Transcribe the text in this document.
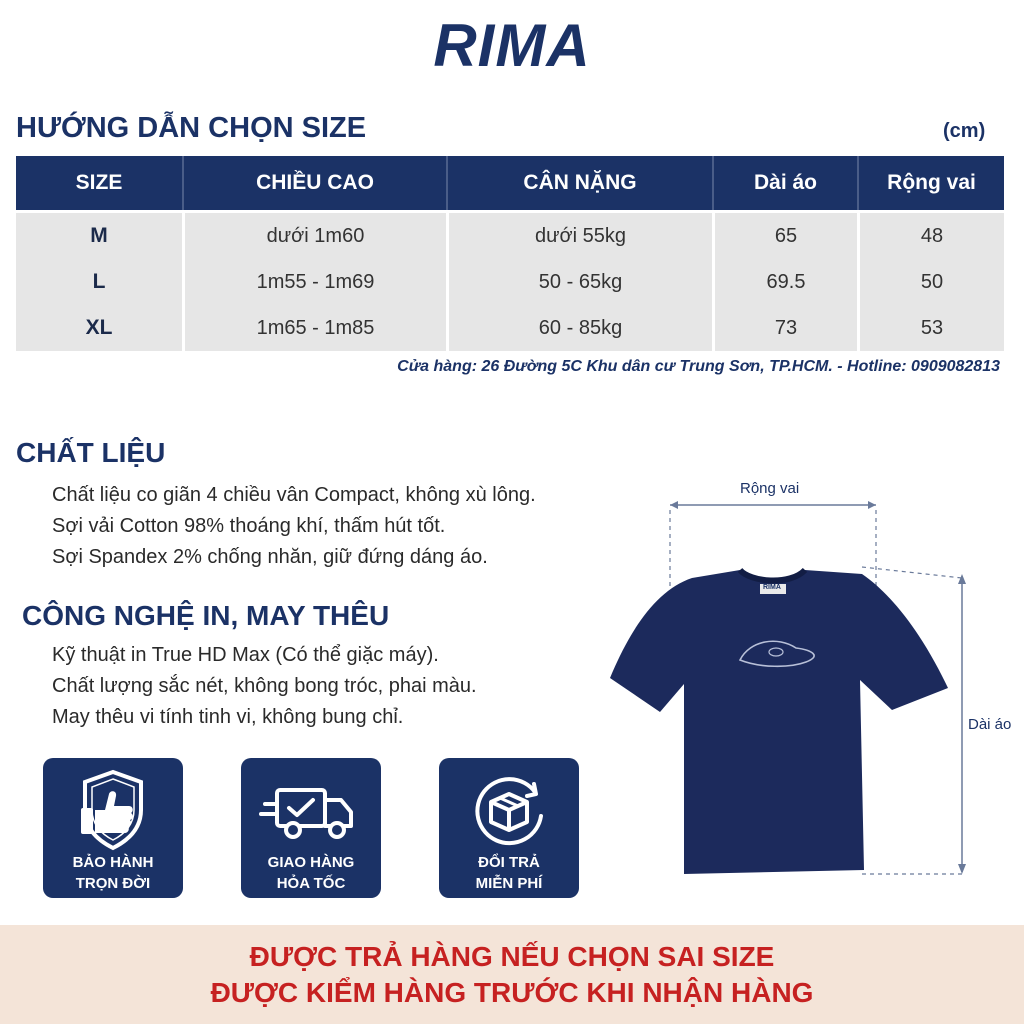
RIMA
HƯỚNG DẪN CHỌN SIZE	(cm)
SIZE	CHIỀU CAO	CÂN NẶNG	Dài áo	Rộng vai

M	dưới 1m60	dưới 55kg	65	48
L	1m55 - 1m69	50 - 65kg	69.5	50
XL	1m65 - 1m85	60 - 85kg	73	53
Cửa hàng: 26 Đường 5C Khu dân cư Trung Sơn, TP.HCM. - Hotline: 0909082813
CHẤT LIỆU
Chất liệu co giãn 4 chiều vân Compact, không xù lông.
Sợi vải Cotton 98% thoáng khí, thấm hút tốt.
Sợi Spandex 2% chống nhăn, giữ đứng dáng áo.
CÔNG NGHỆ IN, MAY THÊU
Kỹ thuật in True HD Max (Có thể giặc máy).
Chất lượng sắc nét, không bong tróc, phai màu.
May thêu vi tính tinh vi, không bung chỉ.
BẢO HÀNH
TRỌN ĐỜI
GIAO HÀNG
HỎA TỐC
ĐỔI TRẢ
MIỄN PHÍ
Rộng vai
Dài áo
RIMA
ĐƯỢC TRẢ HÀNG NẾU CHỌN SAI SIZE
ĐƯỢC KIỂM HÀNG TRƯỚC KHI NHẬN HÀNG
